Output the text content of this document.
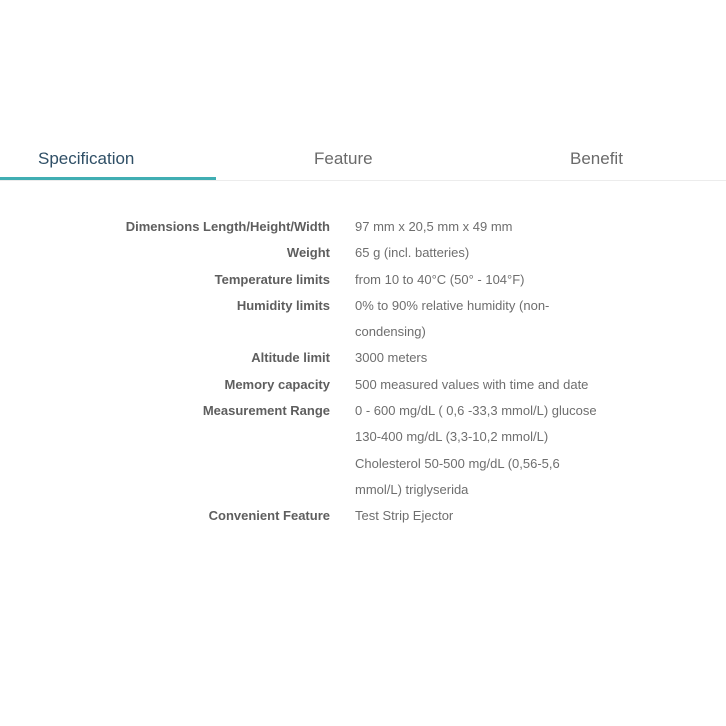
Specification	Feature	Benefit
Dimensions Length/Height/Width 97 mm x 20,5 mm x 49 mm
Weight 65 g (incl. batteries)
Temperature limits from 10 to 40°C (50° - 104°F)
Humidity limits 0% to 90% relative humidity (non-condensing)
Altitude limit 3000 meters
Memory capacity 500 measured values with time and date
Measurement Range 0 - 600 mg/dL ( 0,6 -33,3 mmol/L) glucose 130-400 mg/dL (3,3-10,2 mmol/L) Cholesterol 50-500 mg/dL (0,56-5,6 mmol/L) triglyserida
Convenient Feature Test Strip Ejector
